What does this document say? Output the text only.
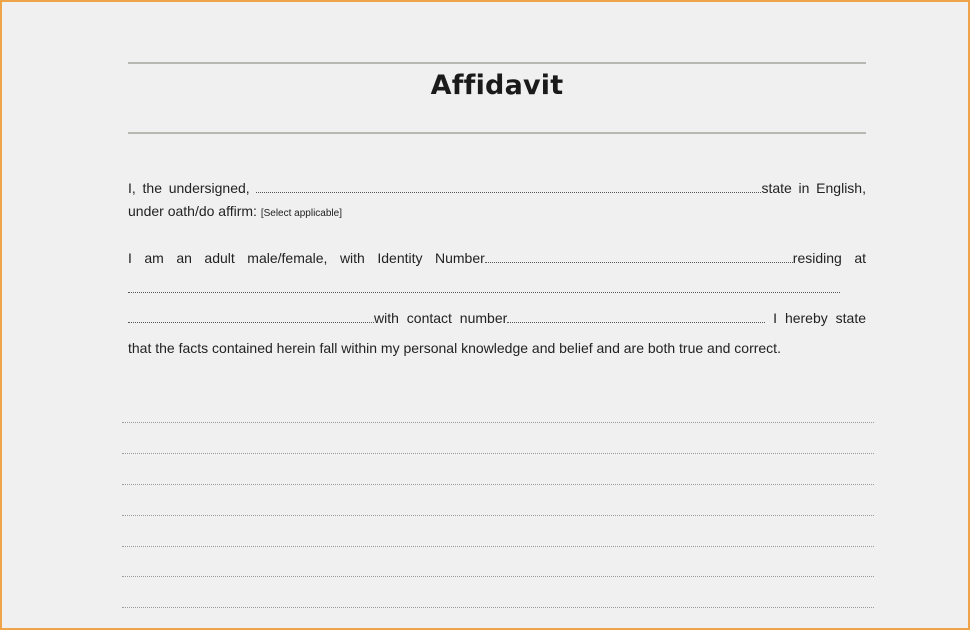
Affidavit
I, the undersigned,	state in English, under oath/do affirm: [Select applicable]
I am an adult male/female, with Identity Number	residing atwith contact number	I hereby state that the facts contained herein fall within my personal knowledge and belief and are both true and correct.
